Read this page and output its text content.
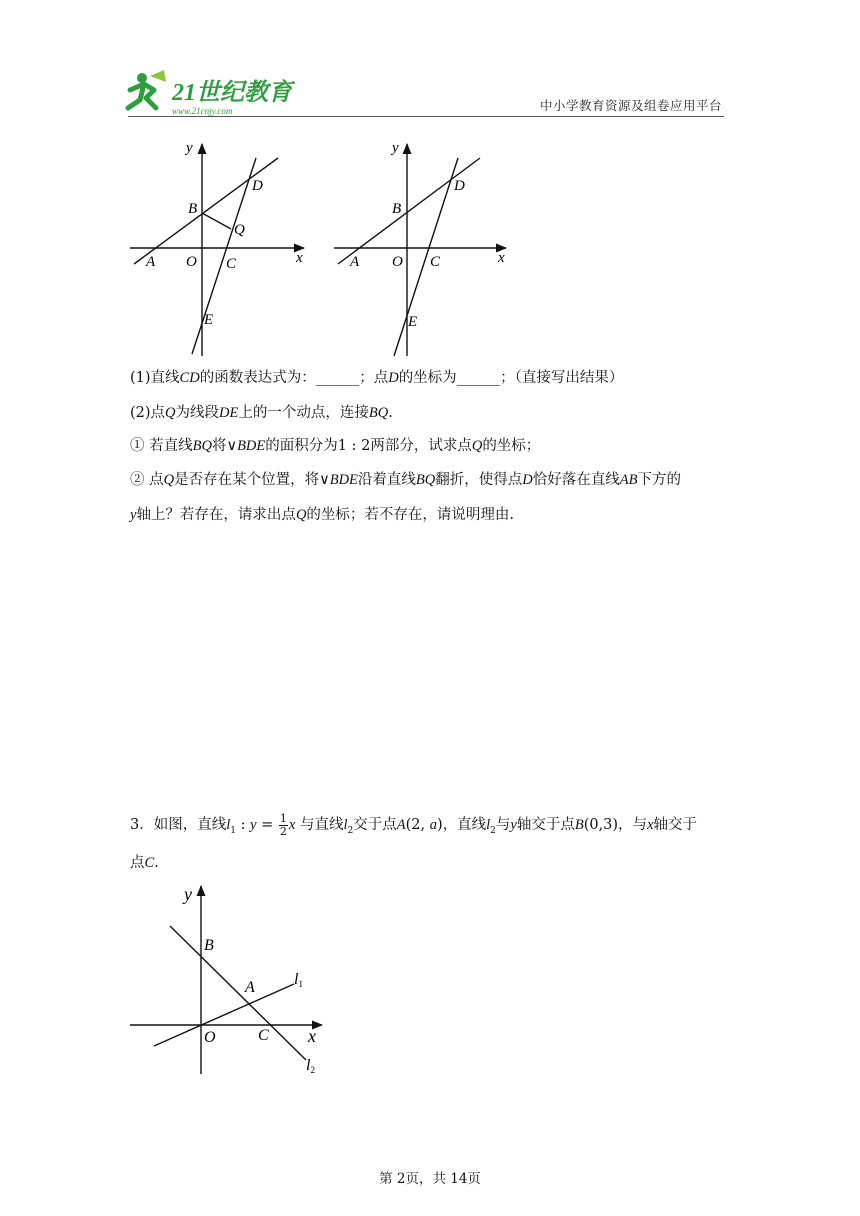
21世纪教育
www.21cnjy.com	中小学教育资源及组卷应用平台
y
x
D
B
Q
A O C
E
y
x
D
B
A O C
E
(1)直线CD的函数表达式为：______；点D的坐标为______；（直接写出结果）
(2)点Q为线段DE上的一个动点，连接BQ.
① 若直线BQ将∨BDE的面积分为1 : 2两部分，试求点Q的坐标；
② 点Q是否存在某个位置，将∨BDE沿着直线BQ翻折，使得点D恰好落在直线AB下方的
y轴上？若存在，请求出点Q的坐标；若不存在，请说明理由.
3．如图，直线$l_1$ : $y = \frac{1}{2}$ x 与直线$l_2$交于点A(2, a)，直线$l_2$与y轴交于点B(0,3)，与x轴交于
点C.
y
x
B
A
O	C
l1
l2
第 2页，共 14页
